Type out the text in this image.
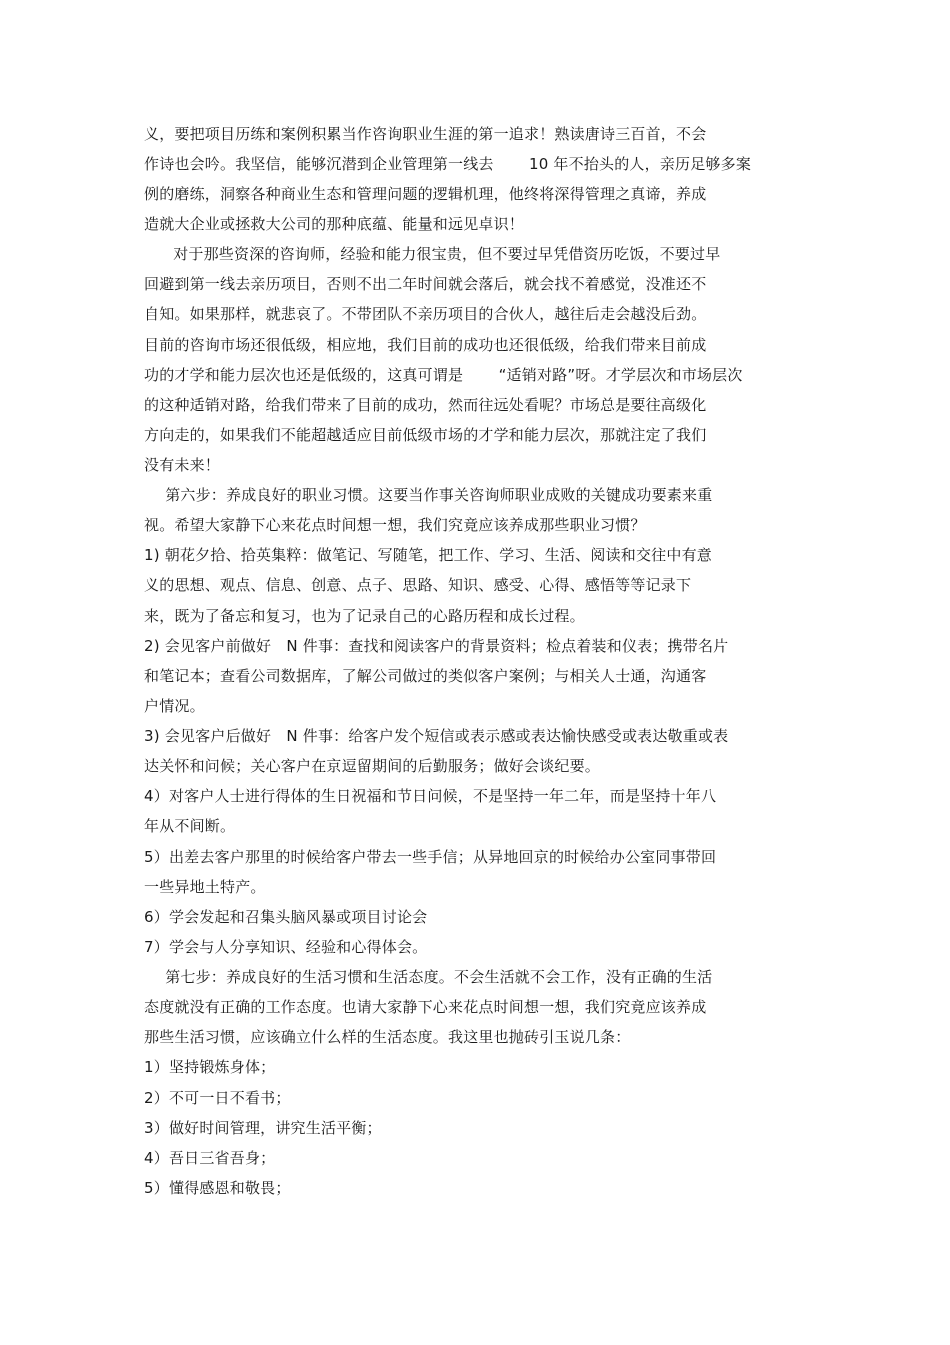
义，要把项目历练和案例积累当作咨询职业生涯的第一追求！熟读唐诗三百首，不会
作诗也会吟。我坚信，能够沉潜到企业管理第一线去　　 10 年不抬头的人，亲历足够多案
例的磨练，洞察各种商业生态和管理问题的逻辑机理，他终将深得管理之真谛，养成
造就大企业或拯救大公司的那种底蕴、能量和远见卓识！
　对于那些资深的咨询师，经验和能力很宝贵，但不要过早凭借资历吃饭，不要过早
回避到第一线去亲历项目，否则不出二年时间就会落后，就会找不着感觉，没准还不
自知。如果那样，就悲哀了。不带团队不亲历项目的合伙人，越往后走会越没后劲。
目前的咨询市场还很低级，相应地，我们目前的成功也还很低级，给我们带来目前成
功的才学和能力层次也还是低级的，这真可谓是　　 “适销对路”呀。才学层次和市场层次
的这种适销对路，给我们带来了目前的成功，然而往远处看呢？市场总是要往高级化
方向走的，如果我们不能超越适应目前低级市场的才学和能力层次，那就注定了我们
没有未来！
　第六步：养成良好的职业习惯。这要当作事关咨询师职业成败的关键成功要素来重
视。希望大家静下心来花点时间想一想，我们究竟应该养成那些职业习惯？
1) 朝花夕拾、拾英集粹：做笔记、写随笔，把工作、学习、生活、阅读和交往中有意
义的思想、观点、信息、创意、点子、思路、知识、感受、心得、感悟等等记录下
来，既为了备忘和复习，也为了记录自己的心路历程和成长过程。
2) 会见客户前做好　N 件事：查找和阅读客户的背景资料；检点着装和仪表；携带名片
和笔记本；查看公司数据库，了解公司做过的类似客户案例；与相关人士通，沟通客
户情况。
3) 会见客户后做好　N 件事：给客户发个短信或表示感或表达愉快感受或表达敬重或表
达关怀和问候；关心客户在京逗留期间的后勤服务；做好会谈纪要。
4）对客户人士进行得体的生日祝福和节日问候，不是坚持一年二年，而是坚持十年八
年从不间断。
5）出差去客户那里的时候给客户带去一些手信；从异地回京的时候给办公室同事带回
一些异地土特产。
6）学会发起和召集头脑风暴或项目讨论会
7）学会与人分享知识、经验和心得体会。
　第七步：养成良好的生活习惯和生活态度。不会生活就不会工作，没有正确的生活
态度就没有正确的工作态度。也请大家静下心来花点时间想一想，我们究竟应该养成
那些生活习惯，应该确立什么样的生活态度。我这里也抛砖引玉说几条：
1）坚持锻炼身体；
2）不可一日不看书；
3）做好时间管理，讲究生活平衡；
4）吾日三省吾身；
5）懂得感恩和敬畏；
